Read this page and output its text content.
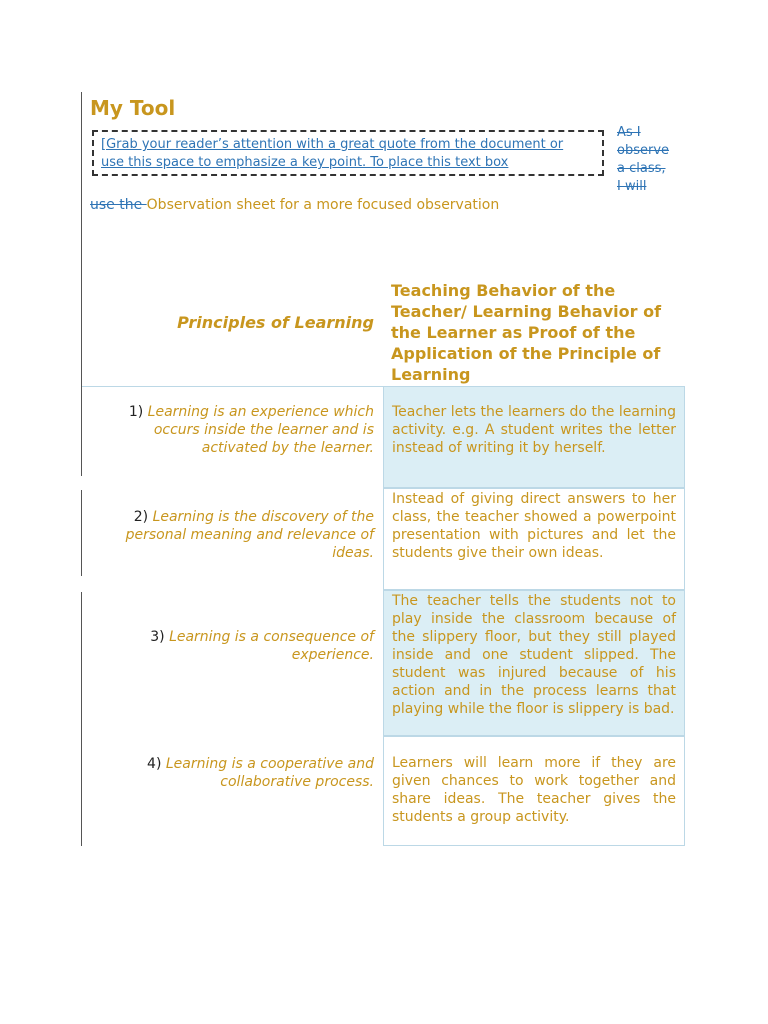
My Tool
[Grab your reader’s attention with a great quote from the document or
use this space to emphasize a key point. To place this text box
As I
observe
a class,
I will
use the Observation sheet for a more focused observation
Principles of Learning
Teaching Behavior of the Teacher/ Learning Behavior of the Learner as Proof of the Application of the Principle of Learning
1) Learning is an experience which occurs inside the learner and is activated by the learner.
Teacher lets the learners do the learning activity. e.g. A student writes the letter instead of writing it by herself.
2) Learning is the discovery of the personal meaning and relevance of ideas.
Instead of giving direct answers to her class, the teacher showed a powerpoint presentation with pictures and let the students give their own ideas.
3) Learning is a consequence of experience.
The teacher tells the students not to play inside the classroom because of the slippery floor, but they still played inside and one student slipped. The student was injured because of his action and in the process learns that playing while the floor is slippery is bad.
4) Learning is a cooperative and collaborative process.
Learners will learn more if they are given chances to work together and share ideas. The teacher gives the students a group activity.
